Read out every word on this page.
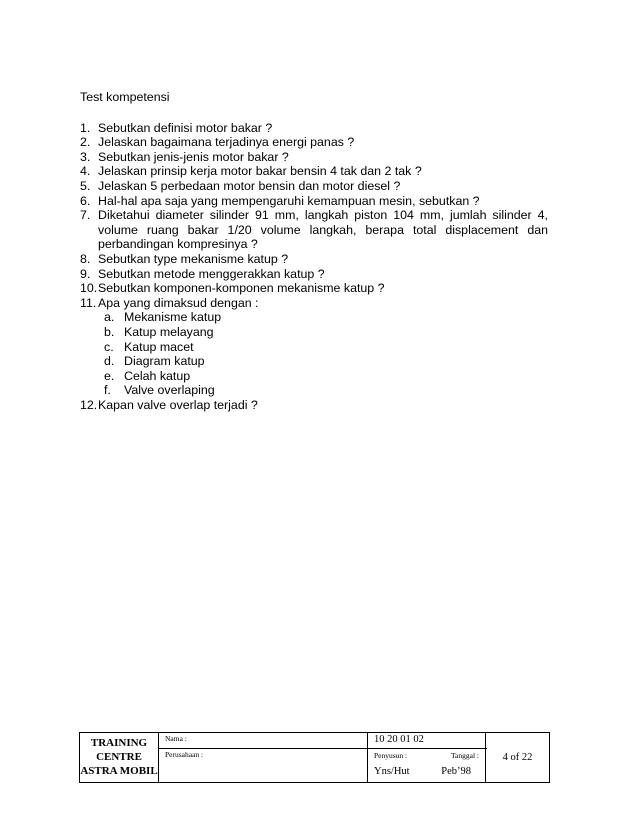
Test kompetensi
1. Sebutkan definisi motor bakar ?
2. Jelaskan bagaimana terjadinya energi panas ?
3. Sebutkan jenis-jenis motor bakar ?
4. Jelaskan prinsip kerja motor bakar bensin 4 tak dan 2 tak ?
5. Jelaskan 5 perbedaan motor bensin dan motor diesel ?
6. Hal-hal apa saja yang mempengaruhi kemampuan mesin, sebutkan ?
7. Diketahui diameter silinder 91 mm, langkah piston 104 mm, jumlah silinder 4, volume ruang bakar 1/20 volume langkah, berapa total displacement dan perbandingan kompresinya ?
8. Sebutkan type mekanisme katup ?
9. Sebutkan metode menggerakkan katup ?
10. Sebutkan komponen-komponen mekanisme katup ?
11. Apa yang dimaksud dengan :
a. Mekanisme katup
b. Katup melayang
c. Katup macet
d. Diagram katup
e. Celah katup
f. Valve overlaping
12. Kapan valve overlap terjadi ?
TRAINING
CENTRE
ASTRA MOBIL	Nama :	10 20 01 02	4 of 22
	Perusahaan :	Penyusun : Tanggal :
Yns/Hut Peb’98	
